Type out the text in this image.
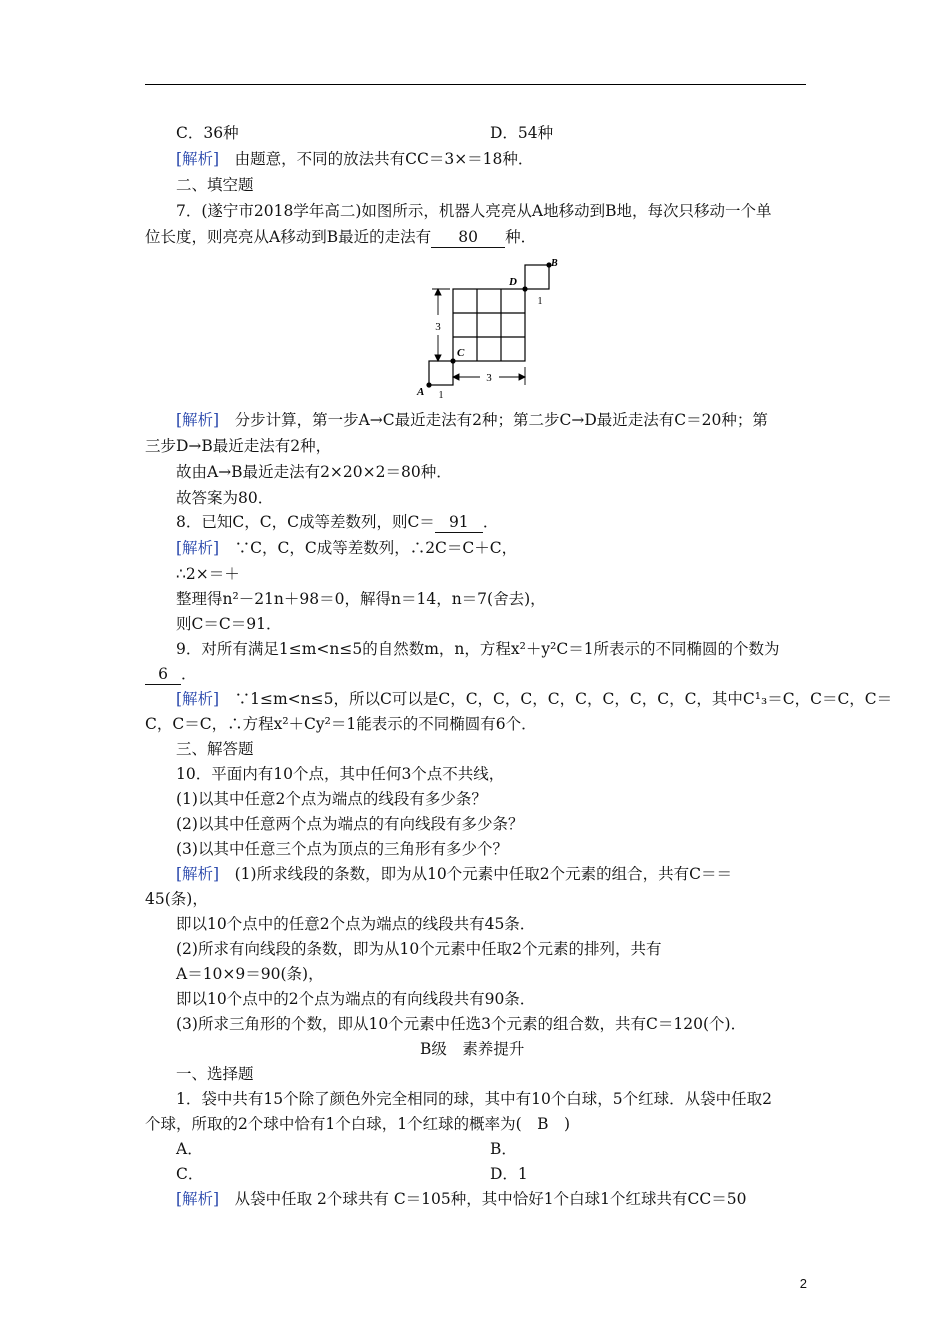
C．36种	D．54种
[解析]　由题意，不同的放法共有CC＝3×＝18种．
二、填空题
7．(遂宁市2018学年高二)如图所示，机器人亮亮从A地移动到B地，每次只移动一个单
位长度，则亮亮从A移动到B最近的走法有 80 种．
3
3
1
1
A
C
D
B
[解析]　分步计算，第一步A→C最近走法有2种；第二步C→D最近走法有C＝20种；第
三步D→B最近走法有2种，
故由A→B最近走法有2×20×2＝80种．
故答案为80．
8．已知C，C，C成等差数列，则C＝ 91 ．
[解析]　∵C，C，C成等差数列，∴2C＝C＋C，
∴2×＝＋
整理得n²－21n＋98＝0，解得n＝14，n＝7(舍去)，
则C＝C＝91．
9．对所有满足1≤m<n≤5的自然数m，n，方程x²＋y²C＝1所表示的不同椭圆的个数为
6 ．
[解析]　∵1≤m<n≤5，所以C可以是C，C，C，C，C，C，C，C，C，C，其中C¹₃＝C，C＝C，C＝
C，C＝C，∴方程x²＋Cy²＝1能表示的不同椭圆有6个．
三、解答题
10．平面内有10个点，其中任何3个点不共线，
(1)以其中任意2个点为端点的线段有多少条？
(2)以其中任意两个点为端点的有向线段有多少条？
(3)以其中任意三个点为顶点的三角形有多少个？
[解析]　(1)所求线段的条数，即为从10个元素中任取2个元素的组合，共有C＝＝
45(条)，
即以10个点中的任意2个点为端点的线段共有45条．
(2)所求有向线段的条数，即为从10个元素中任取2个元素的排列，共有
A＝10×9＝90(条)，
即以10个点中的2个点为端点的有向线段共有90条．
(3)所求三角形的个数，即从10个元素中任选3个元素的组合数，共有C＝120(个)．
B级　素养提升
一、选择题
1．袋中共有15个除了颜色外完全相同的球，其中有10个白球，5个红球．从袋中任取2
个球，所取的2个球中恰有1个白球，1个红球的概率为(　B　)
A．	B．
C．	D．1
[解析]　从袋中任取 2个球共有 C＝105种，其中恰好1个白球1个红球共有CC＝50
2
